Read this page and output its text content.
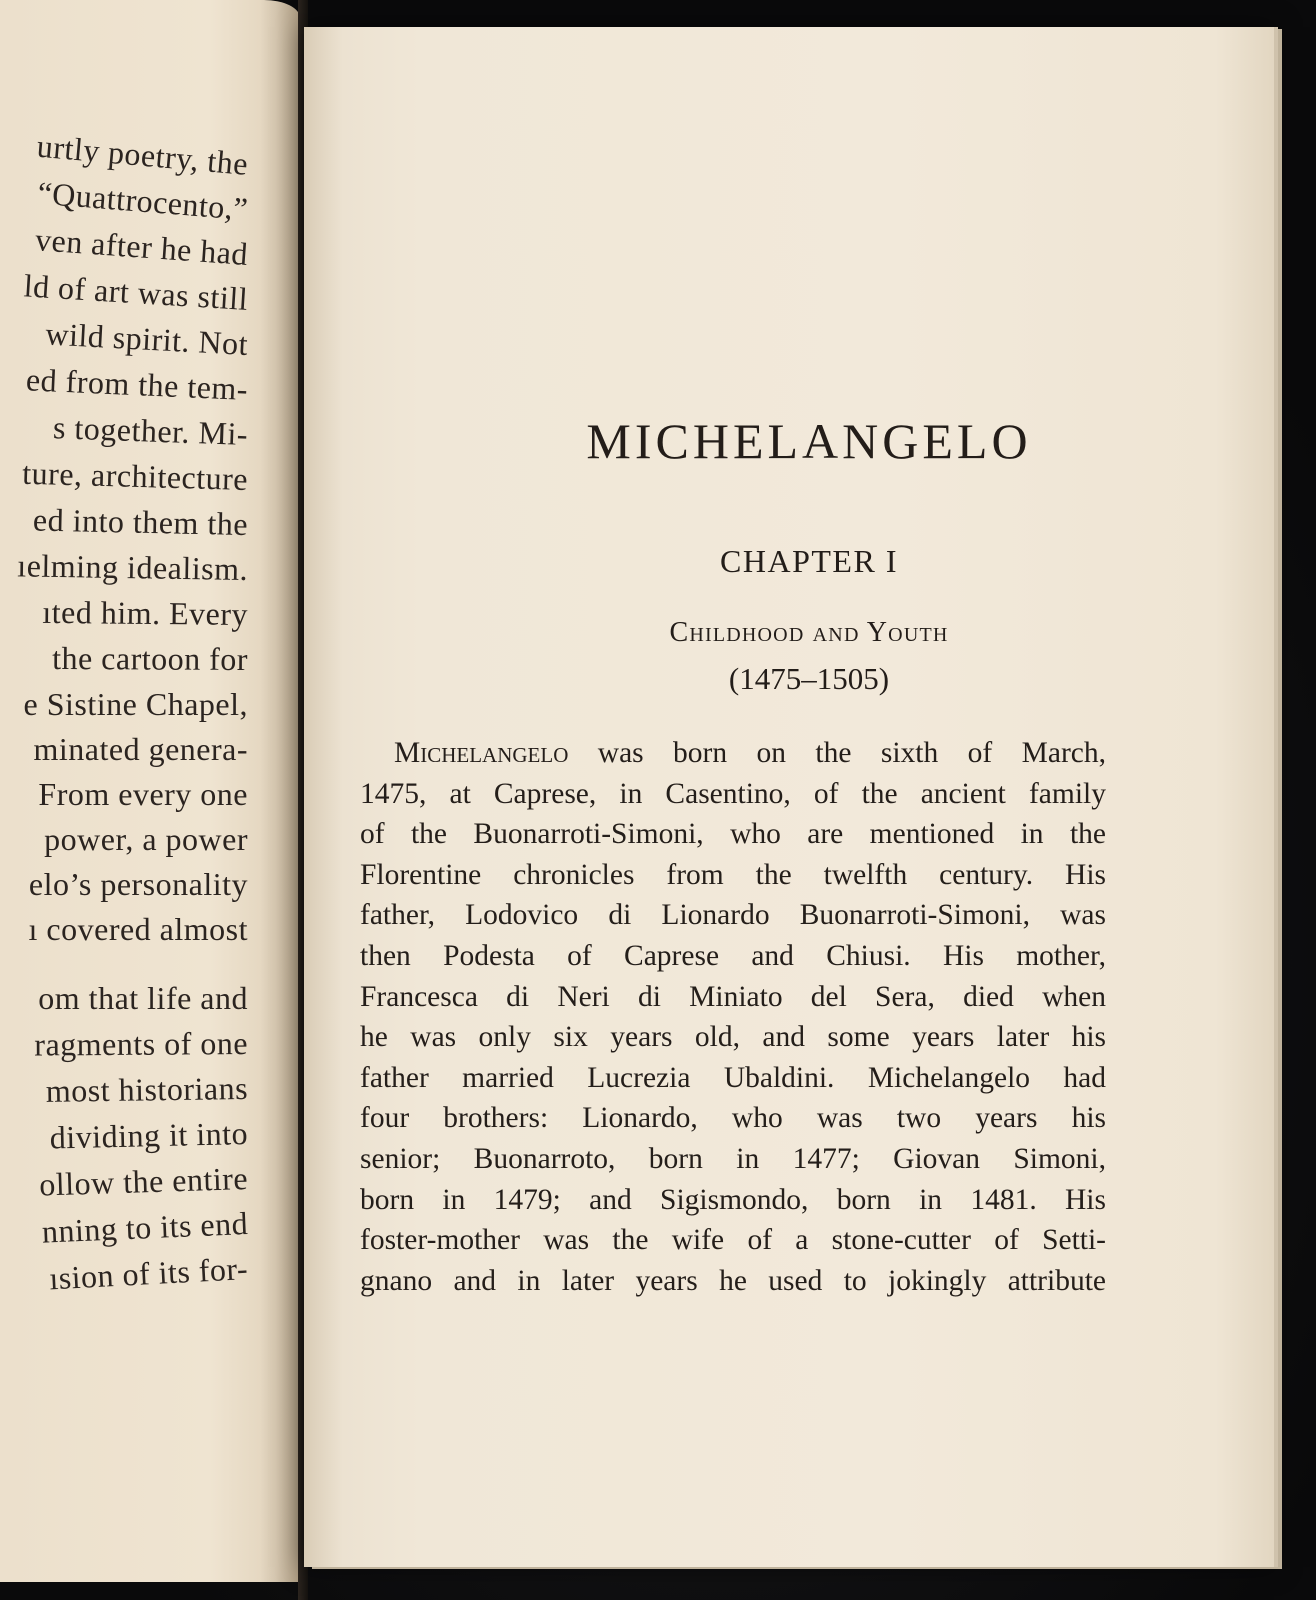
urtly poetry, the
“Quattrocento,”
ven after he had
ld of art was still
wild spirit. Not
ed from the tem-
s together. Mi-
ture, architecture
ed into them the
ıelming idealism.
ıted him. Every
the cartoon for
e Sistine Chapel,
minated genera-
From every one
power, a power
elo’s personality
ı covered almost
om that life and
ragments of one
most historians
dividing it into
ollow the entire
nning to its end
ısion of its for-
MICHELANGELO
CHAPTER I
Childhood and Youth
(1475–1505)
Michelangelo was born on the sixth of March,
1475, at Caprese, in Casentino, of the ancient family
of the Buonarroti-Simoni, who are mentioned in the
Florentine chronicles from the twelfth century. His
father, Lodovico di Lionardo Buonarroti-Simoni, was
then Podesta of Caprese and Chiusi. His mother,
Francesca di Neri di Miniato del Sera, died when
he was only six years old, and some years later his
father married Lucrezia Ubaldini. Michelangelo had
four brothers: Lionardo, who was two years his
senior; Buonarroto, born in 1477; Giovan Simoni,
born in 1479; and Sigismondo, born in 1481. His
foster-mother was the wife of a stone-cutter of Setti-
gnano and in later years he used to jokingly attribute
